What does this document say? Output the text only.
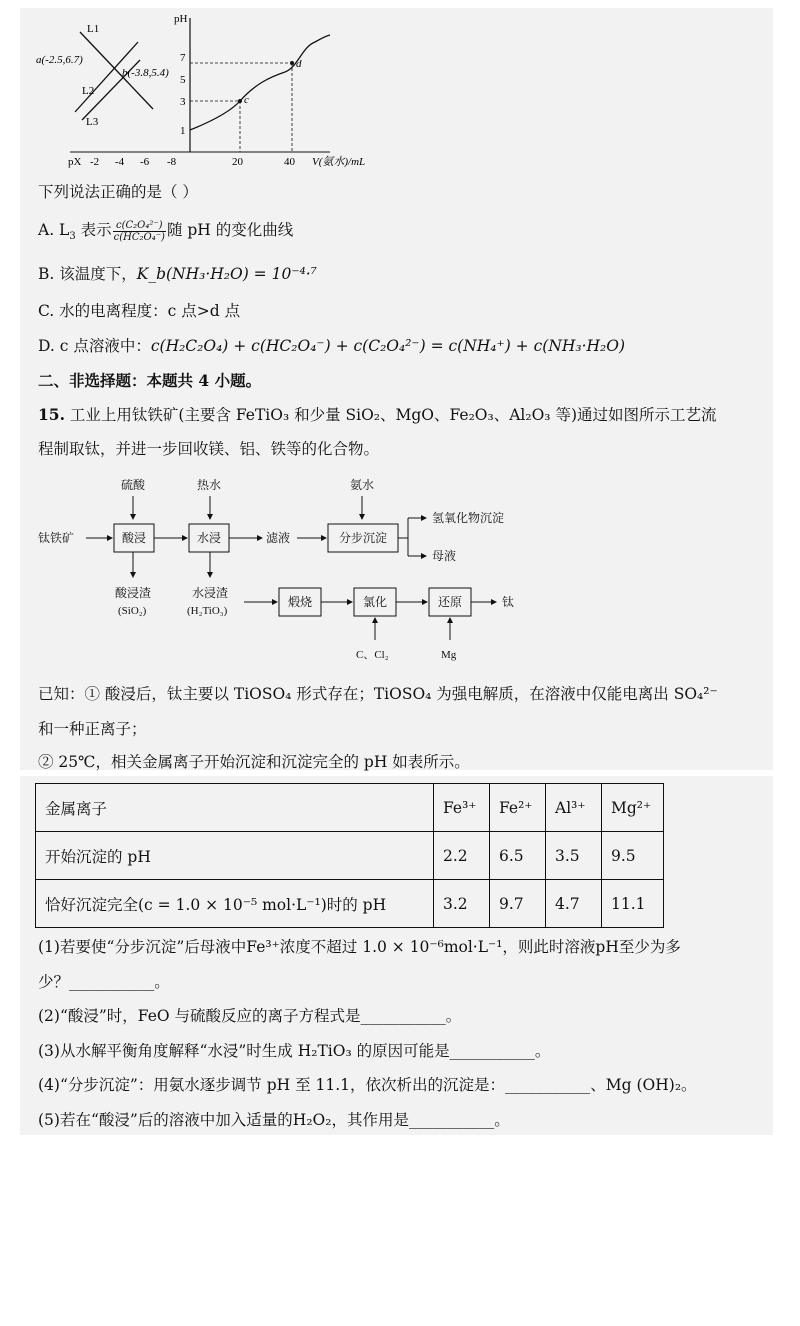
L1
L2
L3
a(-2.5,6.7)
b(-3.8,5.4)
pH
7
5
3
1
pX -2 -4 -6 -8	20	40 V(氨水)/mL
c
d
下列说法正确的是（ ）
A. $L_3$ 表示 $\frac{\text{c(C₂O₄²⁻)}}{\text{c(HC₂O₄⁻)}}$ 随 pH 的变化曲线
B. 该温度下，K_b(NH₃·H₂O) = 10⁻⁴·⁷
C. 水的电离程度：c 点>d 点
D. c 点溶液中：c(H₂C₂O₄) + c(HC₂O₄⁻) + c(C₂O₄²⁻) = c(NH₄⁺) + c(NH₃·H₂O)
二、非选择题：本题共 4 小题。
15. 工业上用钛铁矿(主要含 FeTiO₃ 和少量 SiO₂、MgO、Fe₂O₃、Al₂O₃ 等)通过如图所示工艺流
程制取钛，并进一步回收镁、铝、铁等的化合物。
硫酸	热水	氨水
钛铁矿	酸浸	水浸	滤液	分步沉淀
氢氧化物沉淀
母液
酸浸渣
(SiO₂)
水浸渣
(H₂TiO₃)
煅烧	氯化	还原	钛
C、Cl₂	Mg
已知：① 酸浸后，钛主要以 TiOSO₄ 形式存在；TiOSO₄ 为强电解质，在溶液中仅能电离出 SO₄²⁻
和一种正离子；
② 25℃，相关金属离子开始沉淀和沉淀完全的 pH 如表所示。
金属离子	Fe³⁺	Fe²⁺	Al³⁺	Mg²⁺
开始沉淀的 pH	2.2	6.5	3.5	9.5
恰好沉淀完全(c = 1.0 × 10⁻⁵ mol·L⁻¹)时的 pH	3.2	9.7	4.7	11.1
(1)若要使“分步沉淀”后母液中Fe³⁺浓度不超过 1.0 × 10⁻⁶mol·L⁻¹，则此时溶液pH至少为多
少？___________。
(2)“酸浸”时，FeO 与硫酸反应的离子方程式是___________。
(3)从水解平衡角度解释“水浸”时生成 H₂TiO₃ 的原因可能是___________。
(4)“分步沉淀”：用氨水逐步调节 pH 至 11.1，依次析出的沉淀是：___________、Mg (OH)₂。
(5)若在“酸浸”后的溶液中加入适量的H₂O₂，其作用是___________。
